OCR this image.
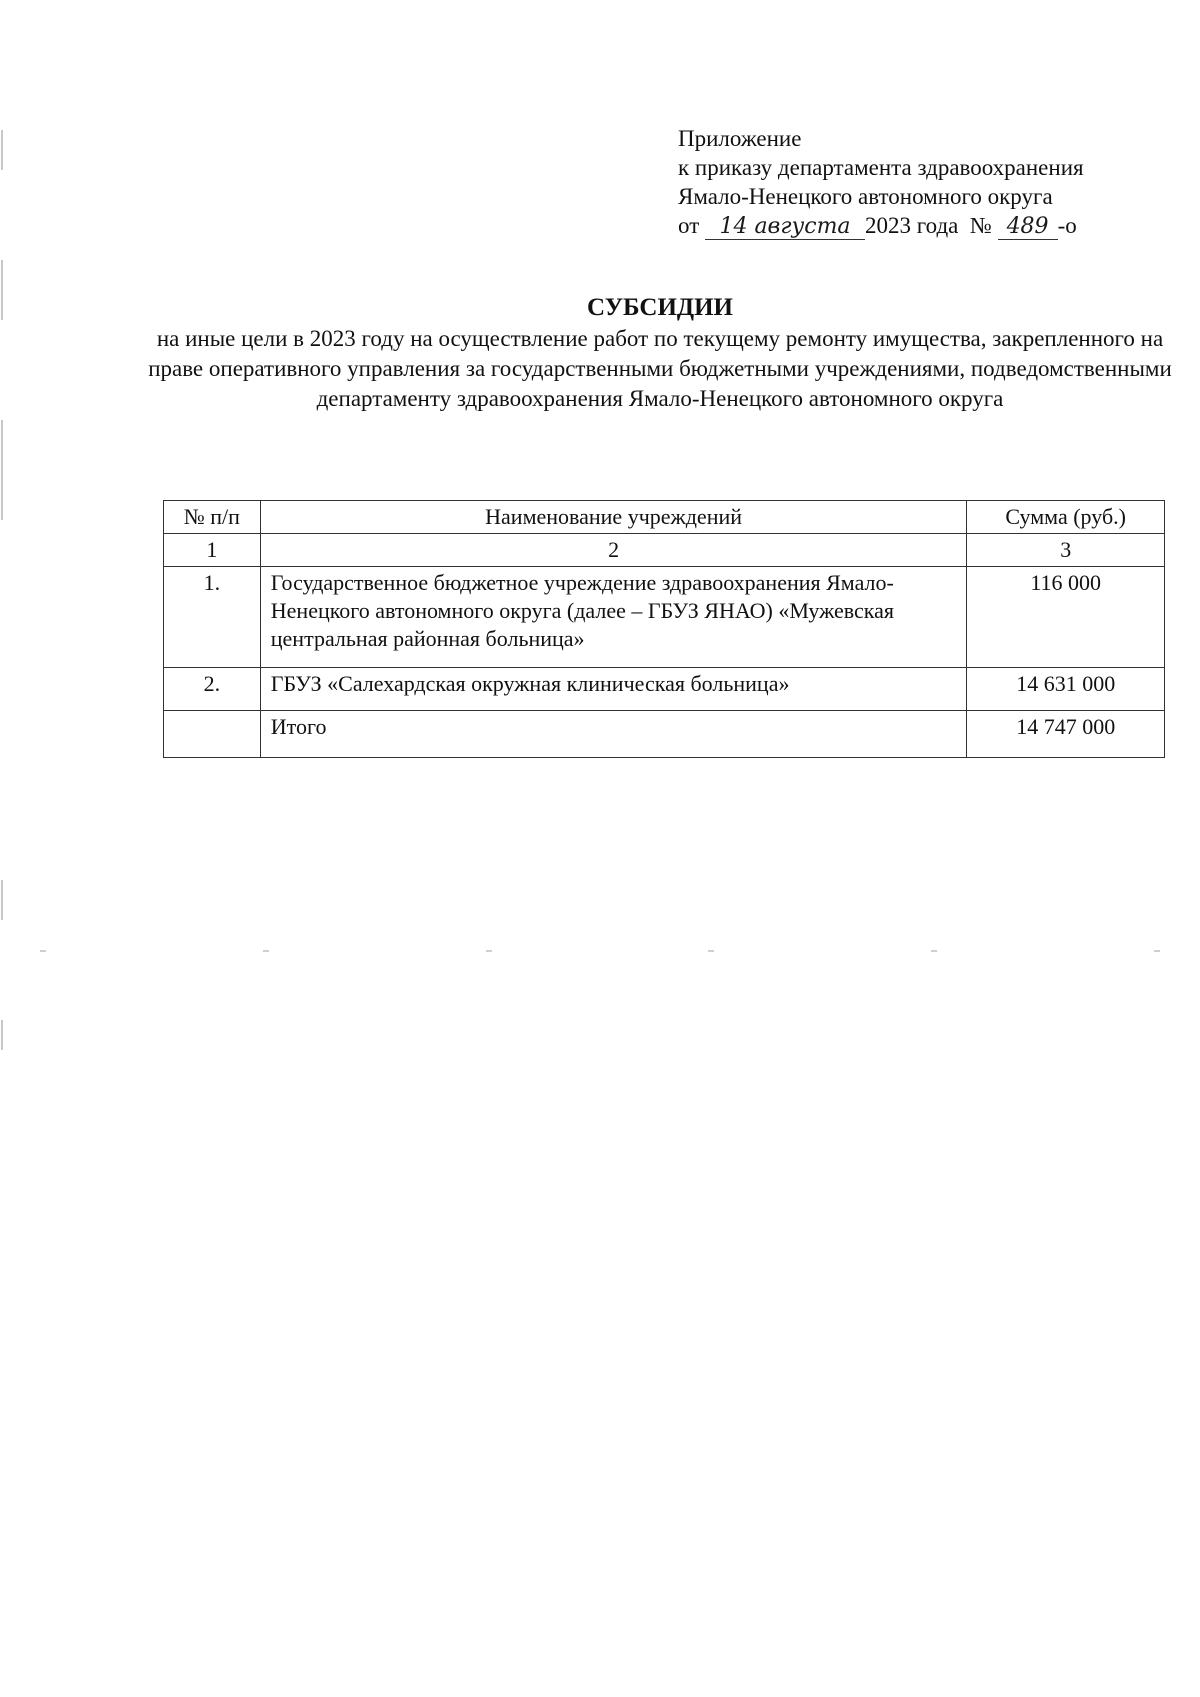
Приложение
к приказу департамента здравоохранения
Ямало-Ненецкого автономного округа
от 14 августа 2023 года № 489 -о
СУБСИДИИ
на иные цели в 2023 году на осуществление работ по текущему ремонту имущества, закрепленного на праве оперативного управления за государственными бюджетными учреждениями, подведомственными департаменту здравоохранения Ямало-Ненецкого автономного округа
№ п/п	Наименование учреждений	Сумма (руб.)
1	2	3
1.	Государственное бюджетное учреждение здравоохранения Ямало-Ненецкого автономного округа (далее – ГБУЗ ЯНАО) «Мужевская центральная районная больница»	116 000
2.	ГБУЗ «Салехардская окружная клиническая больница»	14 631 000
	Итого	14 747 000
